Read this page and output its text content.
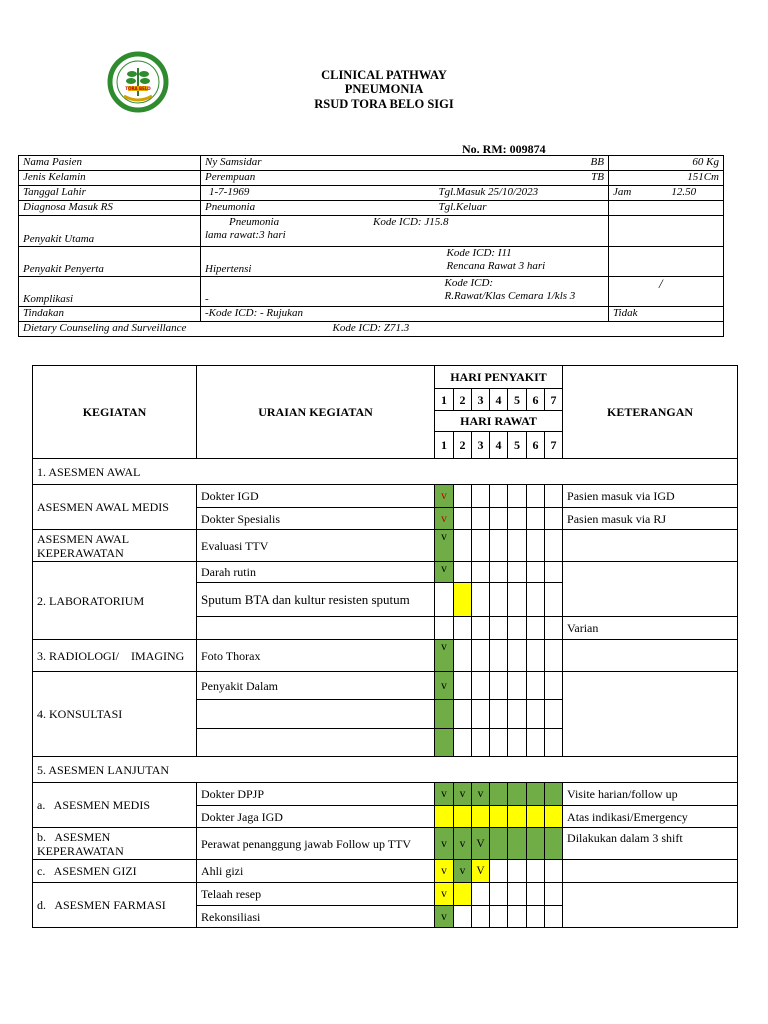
TORA BELO
CLINICAL PATHWAY
PNEUMONIA
RSUD TORA BELO SIGI
No. RM: 009874
Nama Pasien	Ny Samsidar	BB	60 Kg
Jenis Kelamin	Perempuan	TB	151Cm
Tanggal Lahir	1-7-1969	Tgl.Masuk 25/10/2023	Jam 12.50
Diagnosa Masuk RS	Pneumonia	Tgl.Keluar	
Penyakit Utama	Pneumonia Kode ICD: J15.8
lama rawat:3 hari		

Penyakit Penyerta	Hipertensi	Kode ICD: I11
Rencana Rawat 3 hari	

Komplikasi	-	Kode ICD:
R.Rawat/Klas Cemara 1/kls 3	/
Tindakan	-Kode ICD: - Rujukan		Tidak
Dietary Counseling and Surveillance		Kode ICD: Z71.3	
KEGIATAN	URAIAN KEGIATAN	HARI PENYAKIT							KETERANGAN
		1	2	3	4	5	6	7	
		HARI RAWAT							
		1	2	3	4	5	6	7	
1. ASESMEN AWAL									
ASESMEN AWAL MEDIS	Dokter IGD	v							Pasien masuk via IGD
	Dokter Spesialis	v							Pasien masuk via RJ
ASESMEN AWAL KEPERAWATAN	Evaluasi TTV	v							
2. LABORATORIUM	Darah rutin	v							
	Sputum BTA dan kultur resisten sputum								
									Varian
3. RADIOLOGI/    IMAGING	Foto Thorax	v							
4. KONSULTASI	Penyakit Dalam	v							

5. ASESMEN LANJUTAN									
a.   ASESMEN MEDIS	Dokter DPJP	v	v	v					Visite harian/follow up
	Dokter Jaga IGD								Atas indikasi/Emergency
b.   ASESMEN KEPERAWATAN	Perawat penanggung jawab Follow up TTV	v	v	V					Dilakukan dalam 3 shift
c.   ASESMEN GIZI	Ahli gizi	v	v	V					
d.   ASESMEN FARMASI	Telaah resep	v							
	Rekonsiliasi	v							
